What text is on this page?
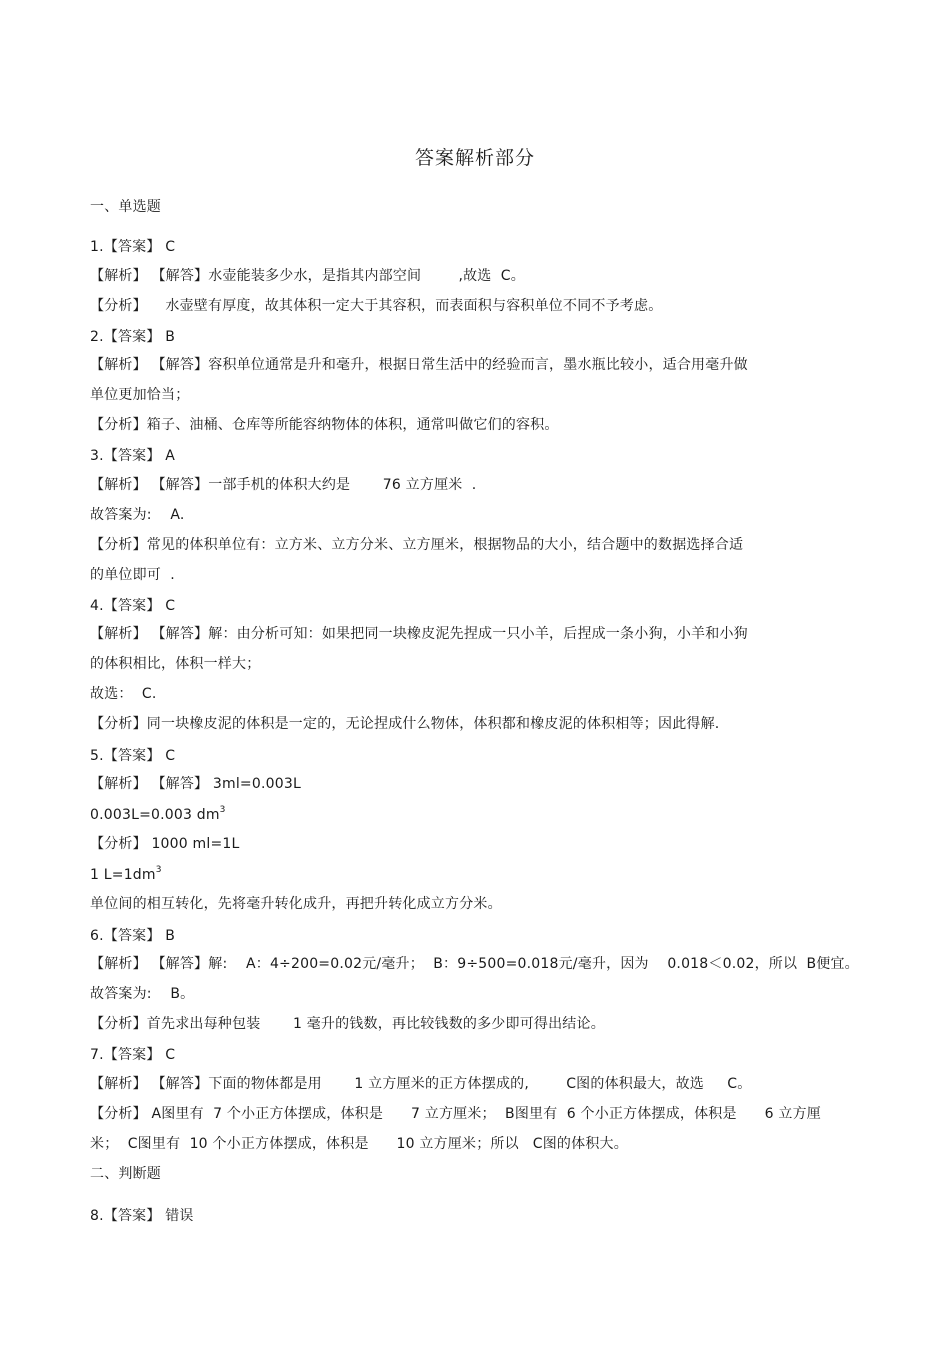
答案解析部分
一、单选题
1.【答案】 C
【解析】 【解答】水壶能装多少水，是指其内部空间        ,故选  C。
【分析】    水壶壁有厚度，故其体积一定大于其容积，而表面积与容积单位不同不予考虑。
2.【答案】 B
【解析】 【解答】容积单位通常是升和毫升，根据日常生活中的经验而言，墨水瓶比较小，适合用毫升做
单位更加恰当；
【分析】箱子、油桶、仓库等所能容纳物体的体积，通常叫做它们的容积。
3.【答案】 A
【解析】 【解答】一部手机的体积大约是       76 立方厘米  .
故答案为:    A.
【分析】常见的体积单位有：立方米、立方分米、立方厘米，根据物品的大小，结合题中的数据选择合适
的单位即可  .
4.【答案】 C
【解析】 【解答】解：由分析可知：如果把同一块橡皮泥先捏成一只小羊，后捏成一条小狗，小羊和小狗
的体积相比，体积一样大；
故选：  C.
【分析】同一块橡皮泥的体积是一定的，无论捏成什么物体，体积都和橡皮泥的体积相等；因此得解.
5.【答案】 C
【解析】 【解答】 3ml=0.003L
0.003L=0.003 $dm^3$
【分析】 1000 ml=1L
1 $L=1dm^3$
单位间的相互转化，先将毫升转化成升，再把升转化成立方分米。
6.【答案】 B
【解析】 【解答】解:    A：4÷200=0.02元/毫升；  B：9÷500=0.018元/毫升，因为    0.018＜0.02，所以  B便宜。
故答案为:    B。
【分析】首先求出每种包装       1 毫升的钱数，再比较钱数的多少即可得出结论。
7.【答案】 C
【解析】 【解答】下面的物体都是用       1 立方厘米的正方体摆成的,        C图的体积最大，故选     C。
【分析】 A图里有  7 个小正方体摆成，体积是      7 立方厘米；  B图里有  6 个小正方体摆成，体积是      6 立方厘
米；  C图里有  10 个小正方体摆成，体积是      10 立方厘米；所以   C图的体积大。
二、判断题
8.【答案】 错误
